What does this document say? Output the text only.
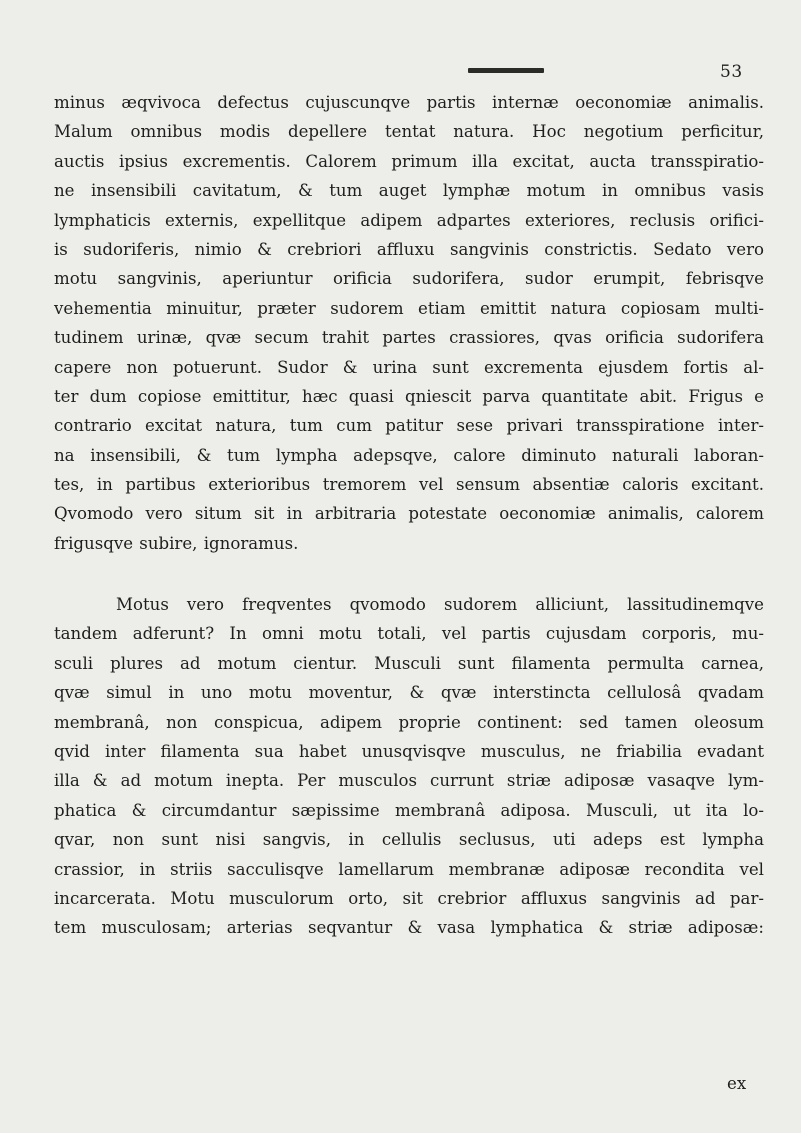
53
minus æqvivoca defectus cujuscunqve partis internæ oeconomiæ animalis.
Malum omnibus modis depellere tentat natura. Hoc negotium perficitur,
auctis ipsius excrementis. Calorem primum illa excitat, aucta transspiratio-
ne insensibili cavitatum, & tum auget lymphæ motum in omnibus vasis
lymphaticis externis, expellitque adipem adpartes exteriores, reclusis orifici-
is sudoriferis, nimio & crebriori affluxu sangvinis constrictis. Sedato vero
motu sangvinis, aperiuntur orificia sudorifera, sudor erumpit, febrisqve
vehementia minuitur, præter sudorem etiam emittit natura copiosam multi-
tudinem urinæ, qvæ secum trahit partes crassiores, qvas orificia sudorifera
capere non potuerunt. Sudor & urina sunt excrementa ejusdem fortis al-
ter dum copiose emittitur, hæc quasi qniescit parva quantitate abit. Frigus e
contrario excitat natura, tum cum patitur sese privari transspiratione inter-
na insensibili, & tum lympha adepsqve, calore diminuto naturali laboran-
tes, in partibus exterioribus tremorem vel sensum absentiæ caloris excitant.
Qvomodo vero situm sit in arbitraria potestate oeconomiæ animalis, calorem
frigusqve subire, ignoramus.
Motus vero freqventes qvomodo sudorem alliciunt, lassitudinemqve
tandem adferunt? In omni motu totali, vel partis cujusdam corporis, mu-
sculi plures ad motum cientur. Musculi sunt filamenta permulta carnea,
qvæ simul in uno motu moventur, & qvæ interstincta cellulosâ qvadam
membranâ, non conspicua, adipem proprie continent: sed tamen oleosum
qvid inter filamenta sua habet unusqvisqve musculus, ne friabilia evadant
illa & ad motum inepta. Per musculos currunt striæ adiposæ vasaqve lym-
phatica & circumdantur sæpissime membranâ adiposa. Musculi, ut ita lo-
qvar, non sunt nisi sangvis, in cellulis seclusus, uti adeps est lympha
crassior, in striis sacculisqve lamellarum membranæ adiposæ recondita vel
incarcerata. Motu musculorum orto, sit crebrior affluxus sangvinis ad par-
tem musculosam; arterias seqvantur & vasa lymphatica & striæ adiposæ:
ex
